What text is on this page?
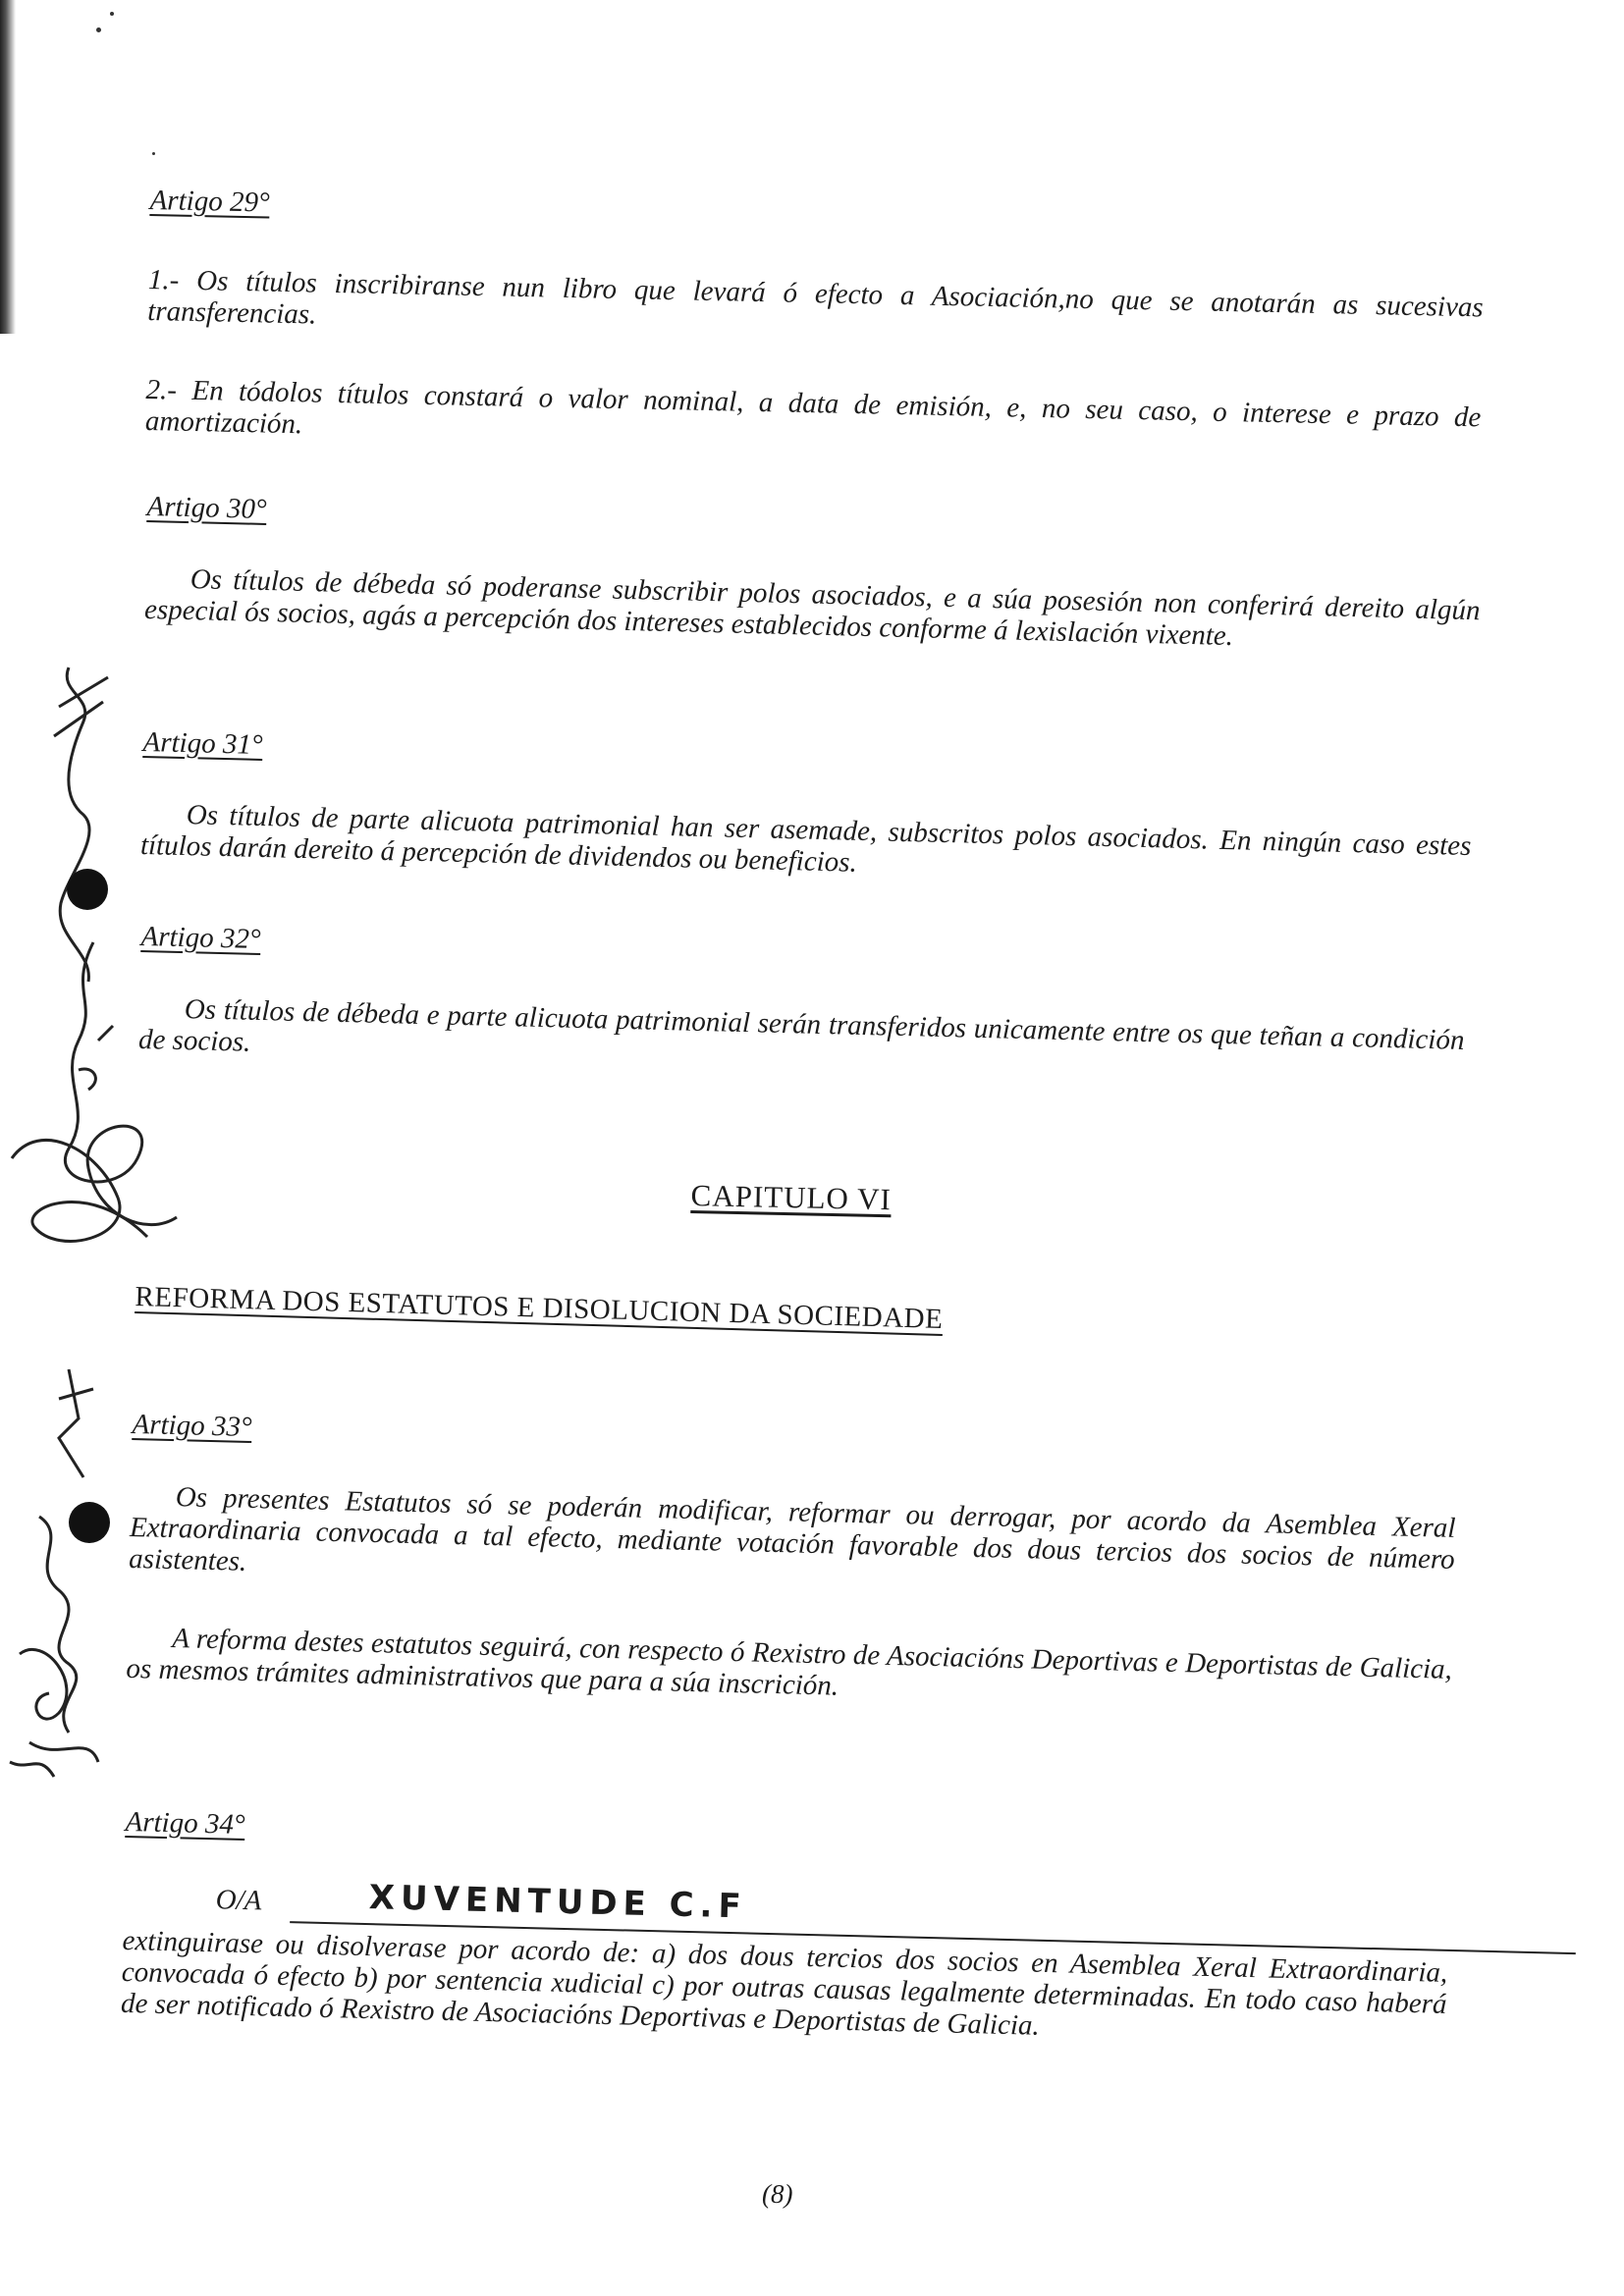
Artigo 29°
1.- Os títulos inscribiranse nun libro que levará ó efecto a Asociación,no que se anotarán as sucesivas transferencias.
2.- En tódolos títulos constará o valor nominal, a data de emisión, e, no seu caso, o interese e prazo de amortización.
Artigo 30°
Os títulos de débeda só poderanse subscribir polos asociados, e a súa posesión non conferirá dereito algún especial ós socios, agás a percepción dos intereses establecidos conforme á lexislación vixente.
Artigo 31°
Os títulos de parte alicuota patrimonial han ser asemade, subscritos polos asociados. En ningún caso estes títulos darán dereito á percepción de dividendos ou beneficios.
Artigo 32°
Os títulos de débeda e parte alicuota patrimonial serán transferidos unicamente entre os que teñan a condición de socios.
CAPITULO VI
REFORMA DOS ESTATUTOS E DISOLUCION DA SOCIEDADE
Artigo 33°
Os presentes Estatutos só se poderán modificar, reformar ou derrogar, por acordo da Asemblea Xeral Extraordinaria convocada a tal efecto, mediante votación favorable dos dous tercios dos socios de número asistentes.
A reforma destes estatutos seguirá, con respecto ó Rexistro de Asociacións Deportivas e Deportistas de Galicia, os mesmos trámites administrativos que para a súa inscrición.
Artigo 34°
O/A	XUVENTUDE C.F
extinguirase ou disolverase por acordo de: a) dos dous tercios dos socios en Asemblea Xeral Extraordinaria, convocada ó efecto b) por sentencia xudicial c) por outras causas legalmente determinadas. En todo caso haberá de ser notificado ó Rexistro de Asociacións Deportivas e Deportistas de Galicia.
(8)
